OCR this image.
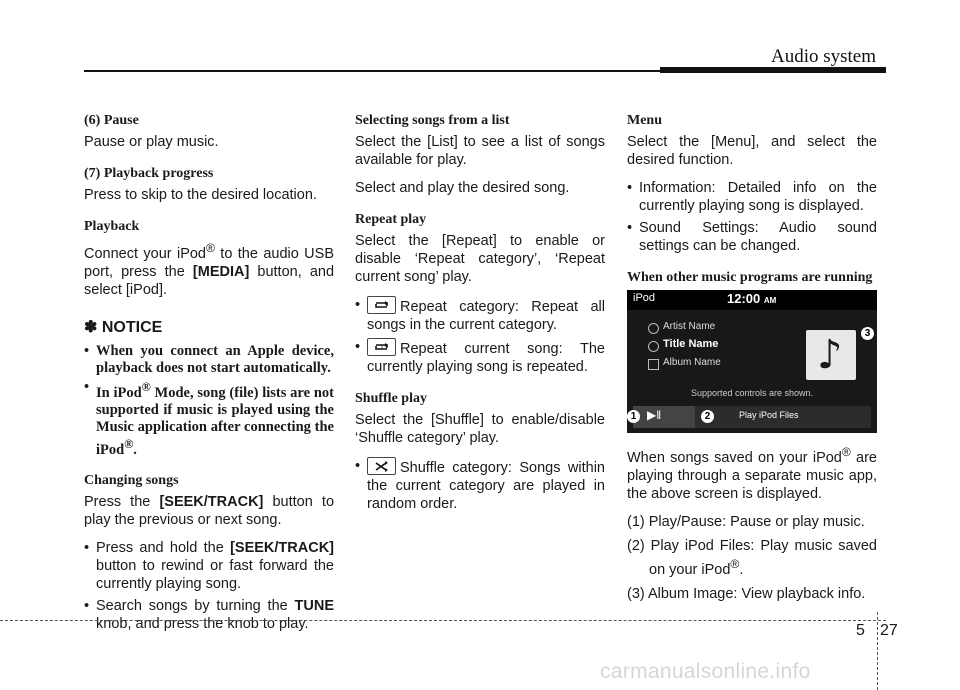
Audio system
(6) Pause

Pause or play music.

(7) Playback progress

Press to skip to the desired location.

Playback

Connect your iPod® to the audio USB port, press the [MEDIA] button, and select [iPod].

✽ NOTICE
• When you connect an Apple device, playback does not start automatically.
• In iPod® Mode, song (file) lists are not supported if music is played using the Music application after connecting the iPod®.
Changing songs

Press the [SEEK/TRACK] button to play the previous or next song.

• Press and hold the [SEEK/TRACK] button to rewind or fast forward the currently playing song.
• Search songs by turning the TUNE knob, and press the knob to play.
Selecting songs from a list

Select the [List] to see a list of songs available for play.

Select and play the desired song.

Repeat play

Select the [Repeat] to enable or disable ‘Repeat category’, ‘Repeat current song’ play.

• Repeat category: Repeat all songs in the current category.
• 1 Repeat current song: The currently playing song is repeated.
Shuffle play

Select the [Shuffle] to enable/disable ‘Shuffle category’ play.

• Shuffle category: Songs within the current category are played in random order.
Menu

Select the [Menu], and select the desired function.

• Information: Detailed info on the currently playing song is displayed.
• Sound Settings: Audio sound settings can be changed.
When other music programs are running
iPod	12:00 AM
Artist Name
Title Name
Album Name ♪	3
Supported controls are shown.
▶ǁ
1	2	Play iPod Files

When songs saved on your iPod® are playing through a separate music app, the above screen is displayed.

(1) Play/Pause: Pause or play music.

(2) Play iPod Files: Play music saved on your iPod®.

(3) Album Image: View playback info.

5 27
carmanualsonline.info
